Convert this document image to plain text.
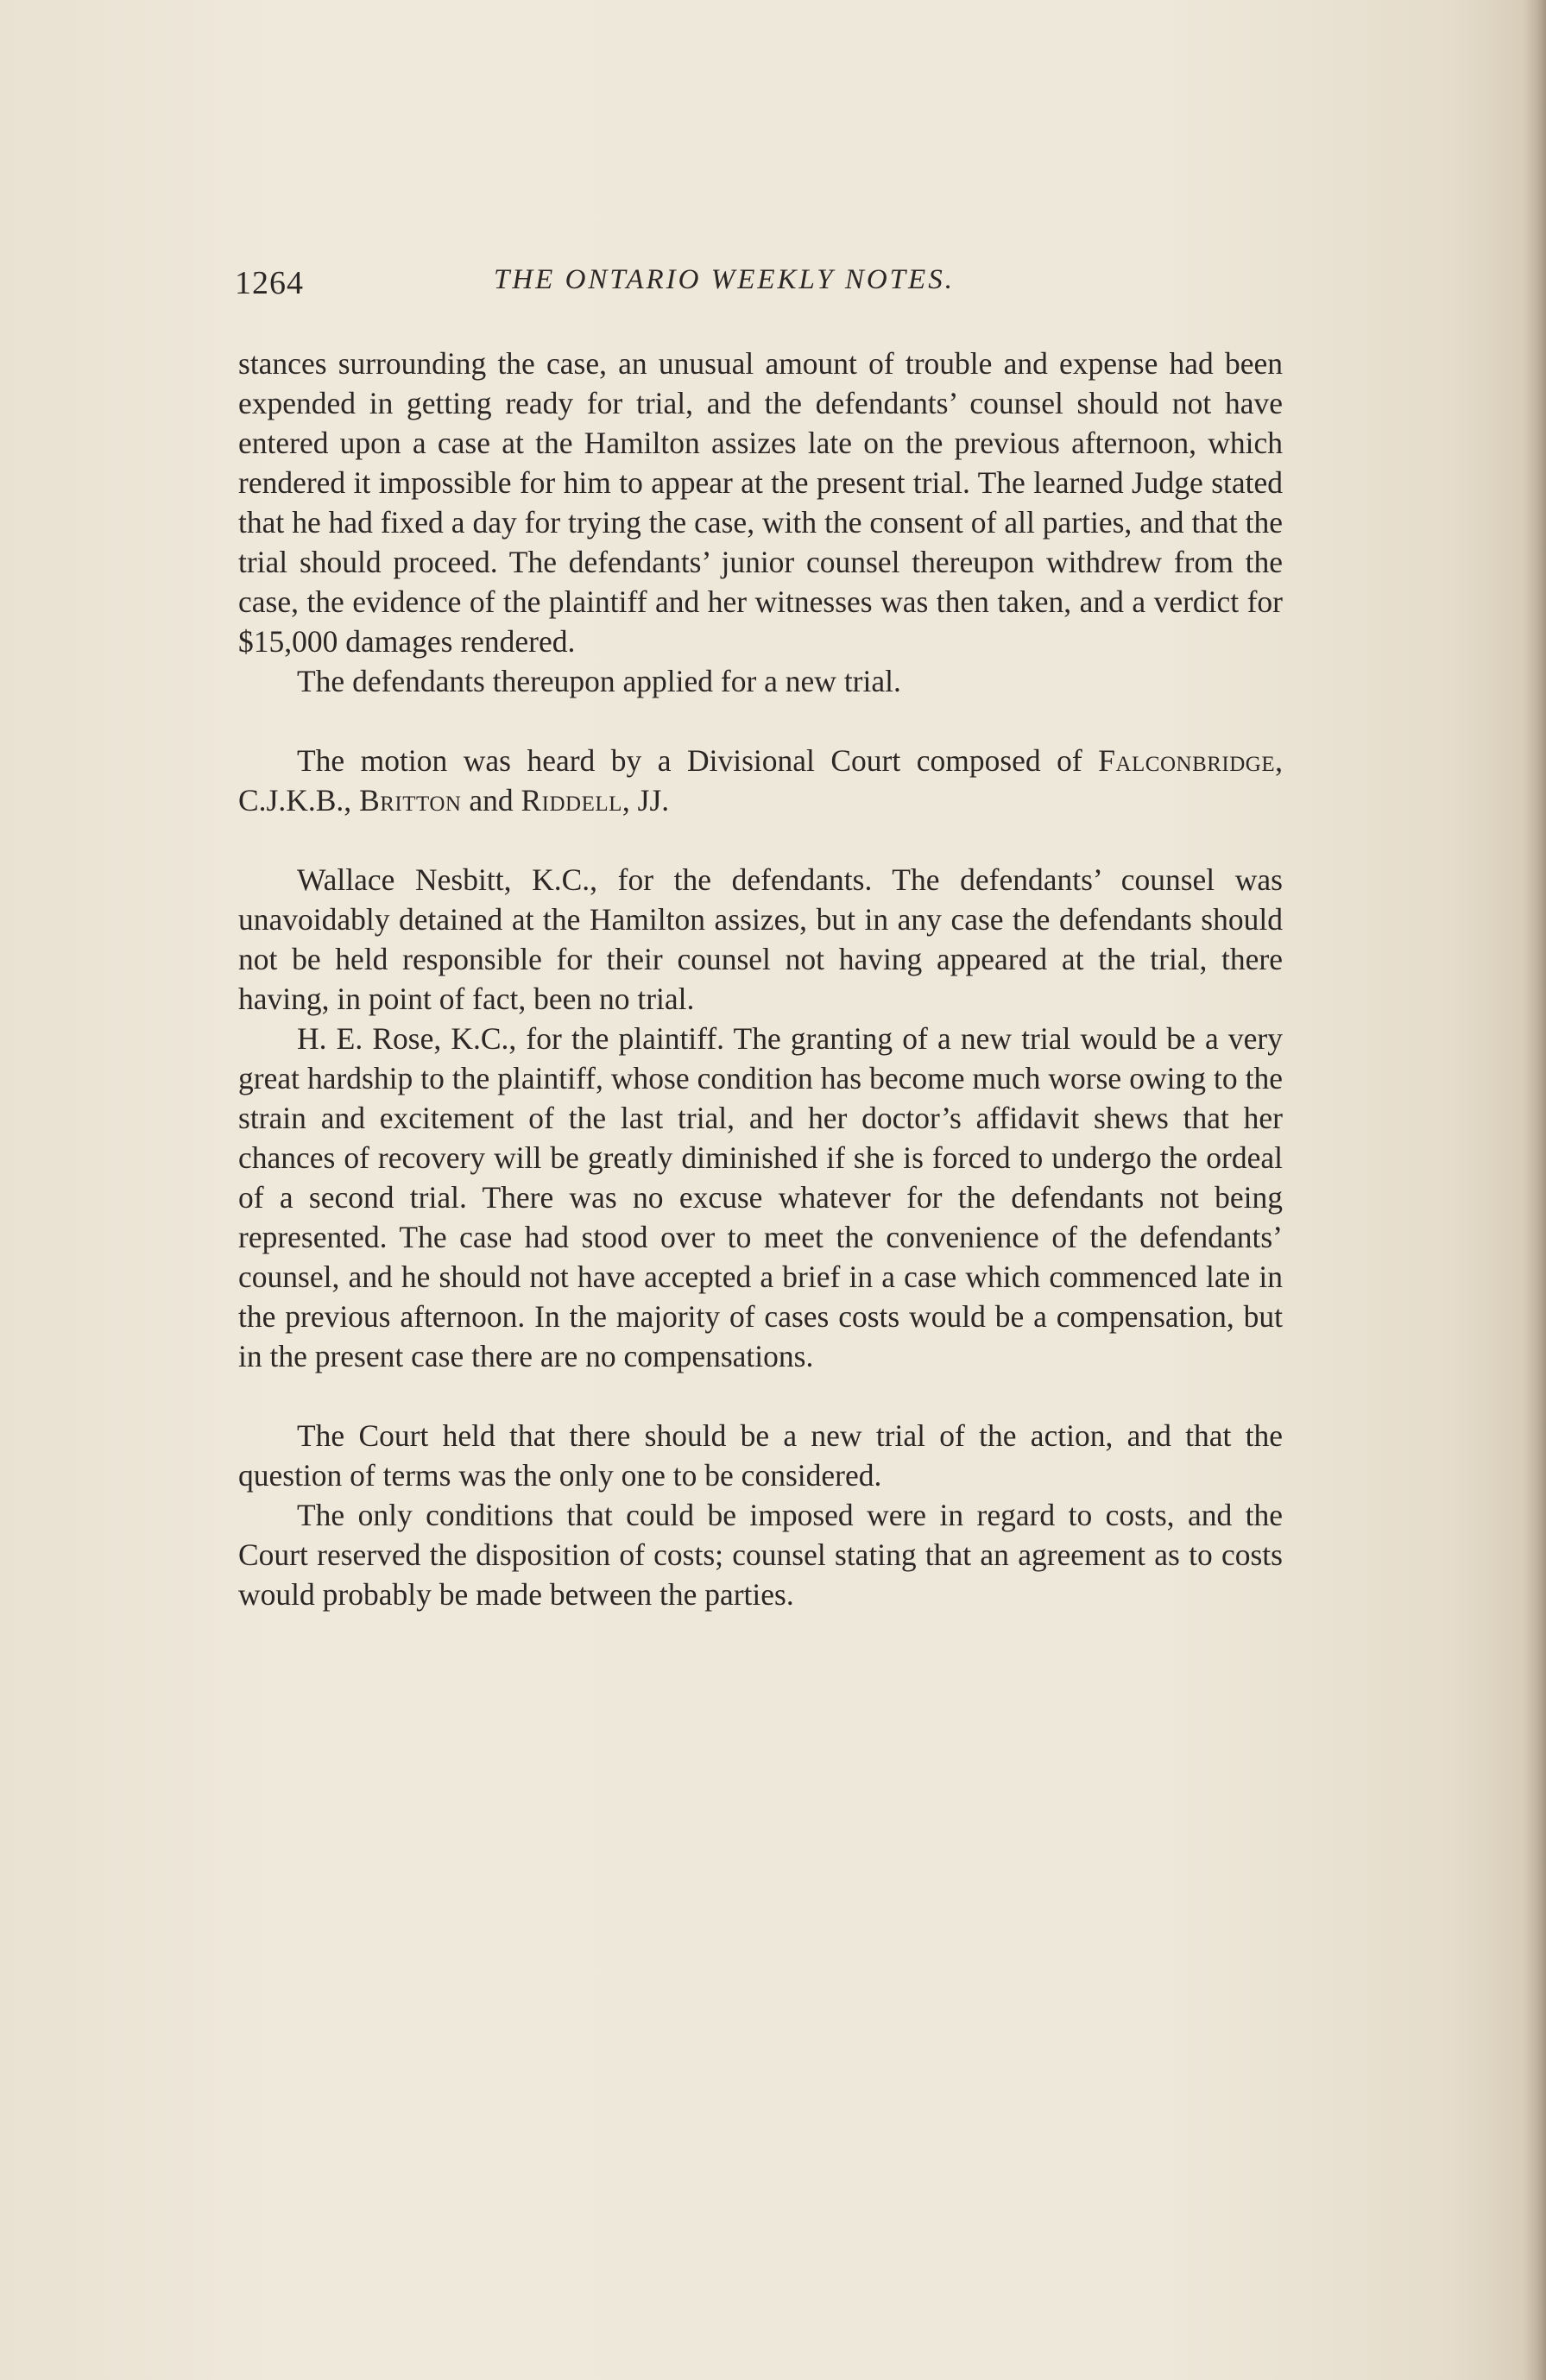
1264	THE ONTARIO WEEKLY NOTES.

stances surrounding the case, an unusual amount of trouble and expense had been expended in getting ready for trial, and the defendants’ counsel should not have entered upon a case at the Hamilton assizes late on the previous afternoon, which rendered it impossible for him to appear at the present trial. The learned Judge stated that he had fixed a day for trying the case, with the consent of all parties, and that the trial should proceed. The defendants’ junior counsel thereupon withdrew from the case, the evidence of the plaintiff and her witnesses was then taken, and a verdict for $15,000 damages rendered.

The defendants thereupon applied for a new trial.

The motion was heard by a Divisional Court composed of Falconbridge, C.J.K.B., Britton and Riddell, JJ.

Wallace Nesbitt, K.C., for the defendants. The defendants’ counsel was unavoidably detained at the Hamilton assizes, but in any case the defendants should not be held responsible for their counsel not having appeared at the trial, there having, in point of fact, been no trial.

H. E. Rose, K.C., for the plaintiff. The granting of a new trial would be a very great hardship to the plaintiff, whose condition has become much worse owing to the strain and excitement of the last trial, and her doctor’s affidavit shews that her chances of recovery will be greatly diminished if she is forced to undergo the ordeal of a second trial. There was no excuse whatever for the defendants not being represented. The case had stood over to meet the convenience of the defendants’ counsel, and he should not have accepted a brief in a case which commenced late in the previous afternoon. In the majority of cases costs would be a compensation, but in the present case there are no compensations.

The Court held that there should be a new trial of the action, and that the question of terms was the only one to be considered.

The only conditions that could be imposed were in regard to costs, and the Court reserved the disposition of costs; counsel stating that an agreement as to costs would probably be made between the parties.
